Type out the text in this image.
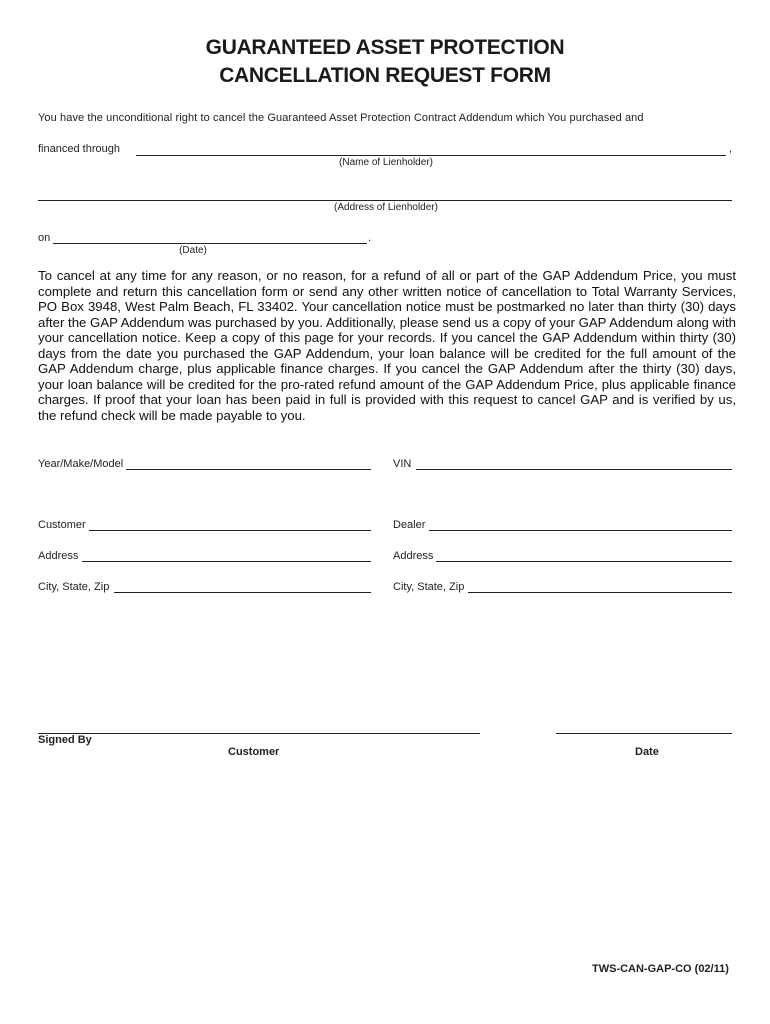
GUARANTEED ASSET PROTECTION
CANCELLATION REQUEST FORM
You have the unconditional right to cancel the Guaranteed Asset Protection Contract Addendum which You purchased and
financed through	,
(Name of Lienholder)
(Address of Lienholder)
on	.
(Date)
To cancel at any time for any reason, or no reason, for a refund of all or part of the GAP Addendum Price, you must complete and return this cancellation form or send any other written notice of cancellation to Total Warranty Services, PO Box 3948, West Palm Beach, FL 33402. Your cancellation notice must be postmarked no later than thirty (30) days after the GAP Addendum was purchased by you. Additionally, please send us a copy of your GAP Addendum along with your cancellation notice. Keep a copy of this page for your records. If you cancel the GAP Addendum within thirty (30) days from the date you purchased the GAP Addendum, your loan balance will be credited for the full amount of the GAP Addendum charge, plus applicable finance charges. If you cancel the GAP Addendum after the thirty (30) days, your loan balance will be credited for the pro-rated refund amount of the GAP Addendum Price, plus applicable finance charges. If proof that your loan has been paid in full is provided with this request to cancel GAP and is verified by us, the refund check will be made payable to you.
Year/Make/Model	VIN
Customer	Dealer
Address	Address
City, State, Zip	City, State, Zip
Signed By
Customer	Date
TWS-CAN-GAP-CO (02/11)
